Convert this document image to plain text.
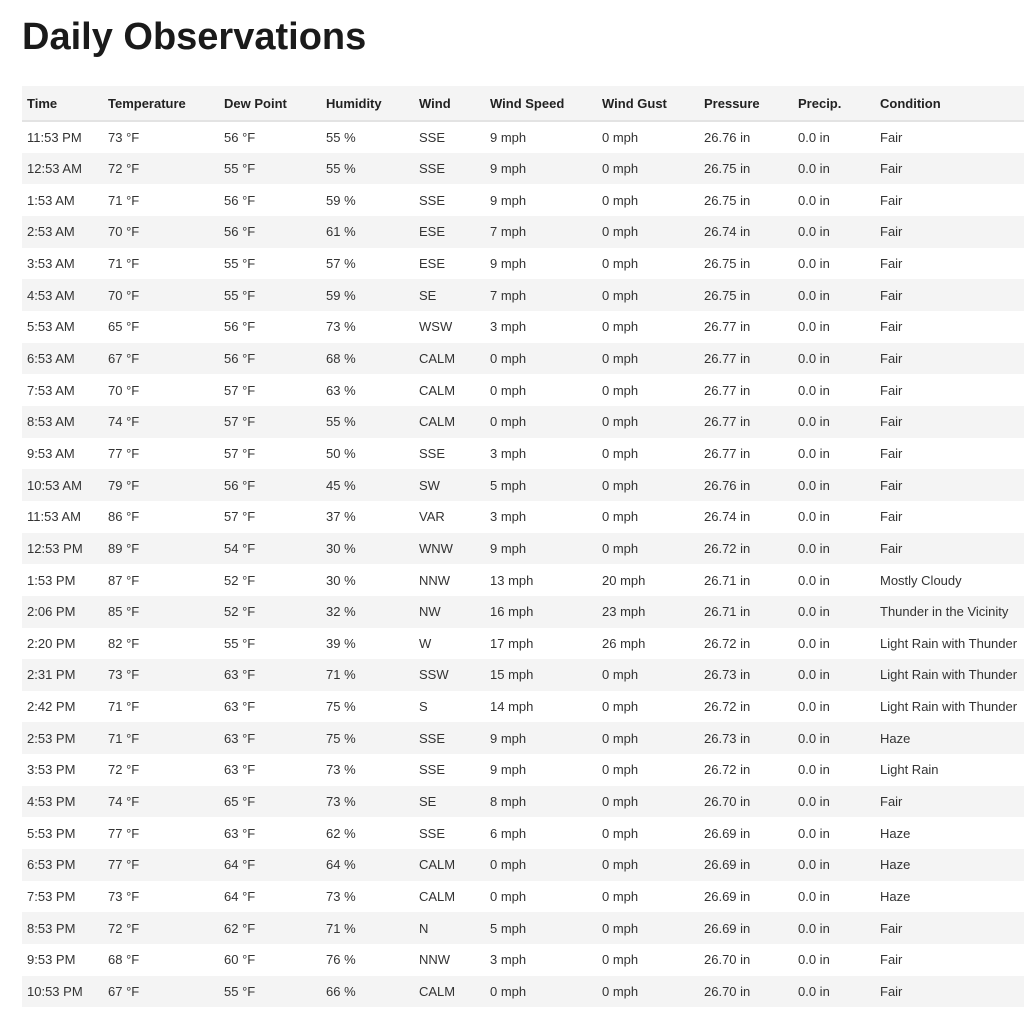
Daily Observations
Time	Temperature	Dew Point	Humidity	Wind	Wind Speed	Wind Gust	Pressure	Precip.	Condition
11:53 PM	73 °F	56 °F	55 %	SSE	9 mph	0 mph	26.76 in	0.0 in	Fair
12:53 AM	72 °F	55 °F	55 %	SSE	9 mph	0 mph	26.75 in	0.0 in	Fair
1:53 AM	71 °F	56 °F	59 %	SSE	9 mph	0 mph	26.75 in	0.0 in	Fair
2:53 AM	70 °F	56 °F	61 %	ESE	7 mph	0 mph	26.74 in	0.0 in	Fair
3:53 AM	71 °F	55 °F	57 %	ESE	9 mph	0 mph	26.75 in	0.0 in	Fair
4:53 AM	70 °F	55 °F	59 %	SE	7 mph	0 mph	26.75 in	0.0 in	Fair
5:53 AM	65 °F	56 °F	73 %	WSW	3 mph	0 mph	26.77 in	0.0 in	Fair
6:53 AM	67 °F	56 °F	68 %	CALM	0 mph	0 mph	26.77 in	0.0 in	Fair
7:53 AM	70 °F	57 °F	63 %	CALM	0 mph	0 mph	26.77 in	0.0 in	Fair
8:53 AM	74 °F	57 °F	55 %	CALM	0 mph	0 mph	26.77 in	0.0 in	Fair
9:53 AM	77 °F	57 °F	50 %	SSE	3 mph	0 mph	26.77 in	0.0 in	Fair
10:53 AM	79 °F	56 °F	45 %	SW	5 mph	0 mph	26.76 in	0.0 in	Fair
11:53 AM	86 °F	57 °F	37 %	VAR	3 mph	0 mph	26.74 in	0.0 in	Fair
12:53 PM	89 °F	54 °F	30 %	WNW	9 mph	0 mph	26.72 in	0.0 in	Fair
1:53 PM	87 °F	52 °F	30 %	NNW	13 mph	20 mph	26.71 in	0.0 in	Mostly Cloudy
2:06 PM	85 °F	52 °F	32 %	NW	16 mph	23 mph	26.71 in	0.0 in	Thunder in the Vicinity
2:20 PM	82 °F	55 °F	39 %	W	17 mph	26 mph	26.72 in	0.0 in	Light Rain with Thunder
2:31 PM	73 °F	63 °F	71 %	SSW	15 mph	0 mph	26.73 in	0.0 in	Light Rain with Thunder
2:42 PM	71 °F	63 °F	75 %	S	14 mph	0 mph	26.72 in	0.0 in	Light Rain with Thunder
2:53 PM	71 °F	63 °F	75 %	SSE	9 mph	0 mph	26.73 in	0.0 in	Haze
3:53 PM	72 °F	63 °F	73 %	SSE	9 mph	0 mph	26.72 in	0.0 in	Light Rain
4:53 PM	74 °F	65 °F	73 %	SE	8 mph	0 mph	26.70 in	0.0 in	Fair
5:53 PM	77 °F	63 °F	62 %	SSE	6 mph	0 mph	26.69 in	0.0 in	Haze
6:53 PM	77 °F	64 °F	64 %	CALM	0 mph	0 mph	26.69 in	0.0 in	Haze
7:53 PM	73 °F	64 °F	73 %	CALM	0 mph	0 mph	26.69 in	0.0 in	Haze
8:53 PM	72 °F	62 °F	71 %	N	5 mph	0 mph	26.69 in	0.0 in	Fair
9:53 PM	68 °F	60 °F	76 %	NNW	3 mph	0 mph	26.70 in	0.0 in	Fair
10:53 PM	67 °F	55 °F	66 %	CALM	0 mph	0 mph	26.70 in	0.0 in	Fair
